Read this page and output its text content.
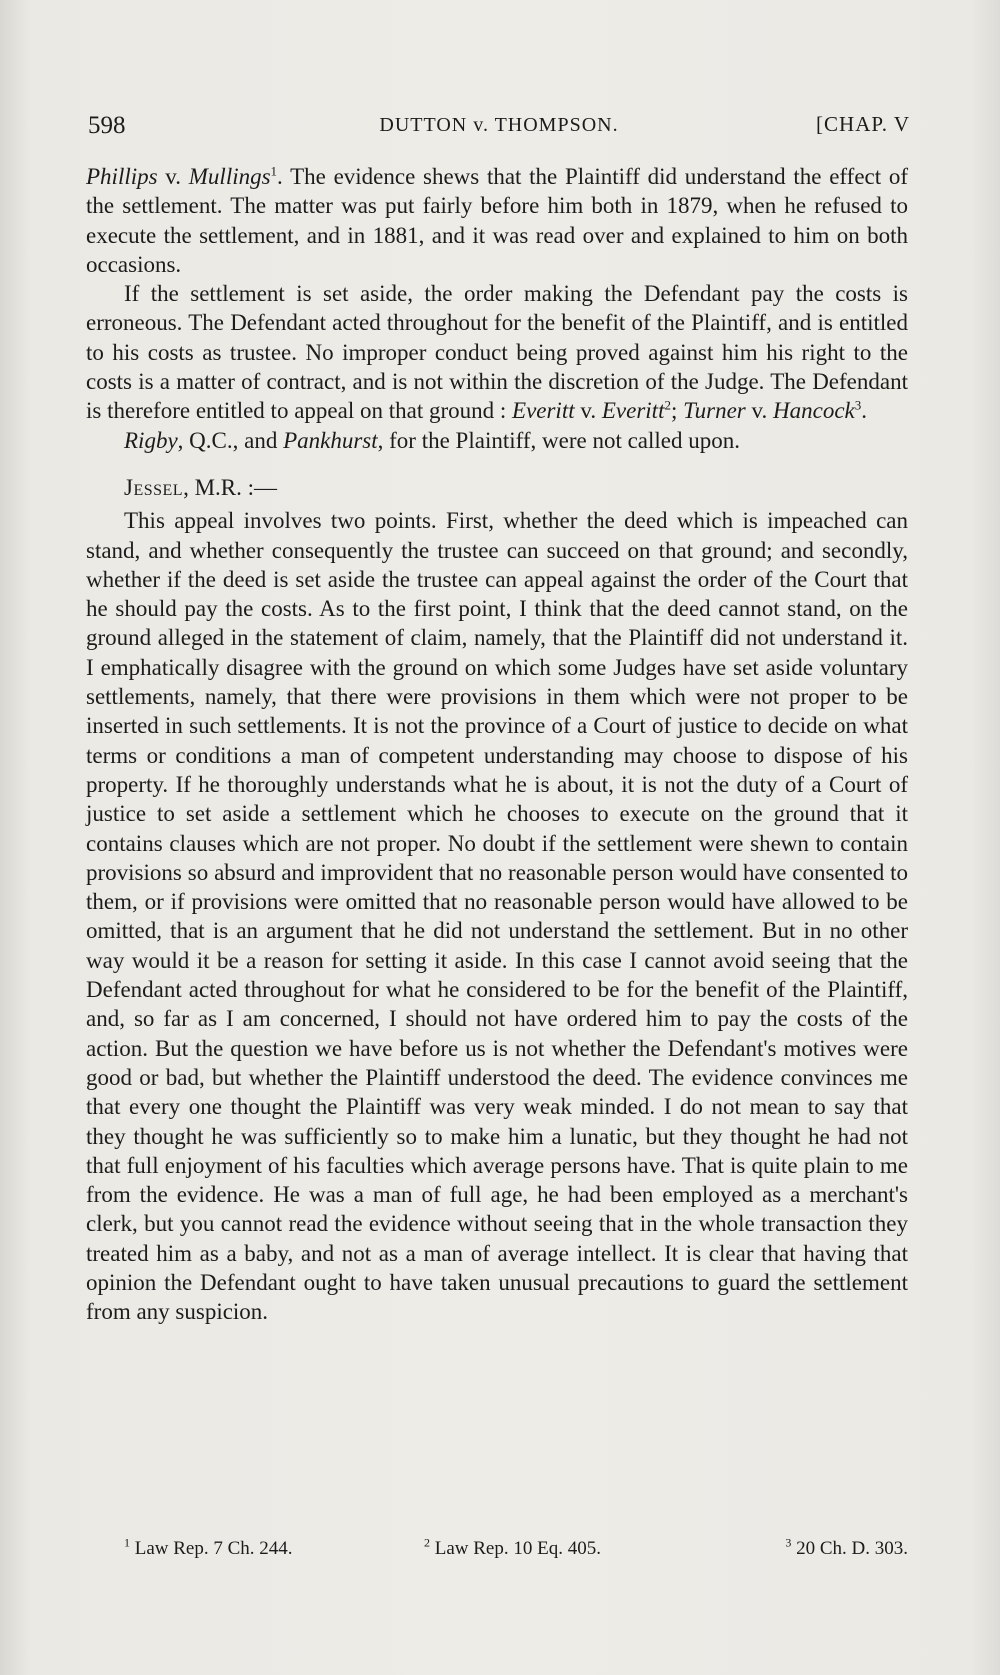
598	DUTTON v. THOMPSON.	[CHAP. V

Phillips v. Mullings$^1$. The evidence shews that the Plaintiff did understand the effect of the settlement. The matter was put fairly before him both in 1879, when he refused to execute the settlement, and in 1881, and it was read over and explained to him on both occasions.

If the settlement is set aside, the order making the Defendant pay the costs is erroneous. The Defendant acted throughout for the benefit of the Plaintiff, and is entitled to his costs as trustee. No improper conduct being proved against him his right to the costs is a matter of contract, and is not within the discretion of the Judge. The Defendant is therefore entitled to appeal on that ground : Everitt v. Everitt$^2$; Turner v. Hancock$^3$.

Rigby, Q.C., and Pankhurst, for the Plaintiff, were not called upon.

Jessel, M.R. :—

This appeal involves two points. First, whether the deed which is impeached can stand, and whether consequently the trustee can succeed on that ground; and secondly, whether if the deed is set aside the trustee can appeal against the order of the Court that he should pay the costs. As to the first point, I think that the deed cannot stand, on the ground alleged in the statement of claim, namely, that the Plaintiff did not understand it. I emphatically disagree with the ground on which some Judges have set aside voluntary settlements, namely, that there were provisions in them which were not proper to be inserted in such settlements. It is not the province of a Court of justice to decide on what terms or conditions a man of competent understanding may choose to dispose of his property. If he thoroughly understands what he is about, it is not the duty of a Court of justice to set aside a settlement which he chooses to execute on the ground that it contains clauses which are not proper. No doubt if the settlement were shewn to contain provisions so absurd and improvident that no reasonable person would have consented to them, or if provisions were omitted that no reasonable person would have allowed to be omitted, that is an argument that he did not understand the settlement. But in no other way would it be a reason for setting it aside. In this case I cannot avoid seeing that the Defendant acted throughout for what he considered to be for the benefit of the Plaintiff, and, so far as I am concerned, I should not have ordered him to pay the costs of the action. But the question we have before us is not whether the Defendant's motives were good or bad, but whether the Plaintiff understood the deed. The evidence convinces me that every one thought the Plaintiff was very weak minded. I do not mean to say that they thought he was sufficiently so to make him a lunatic, but they thought he had not that full enjoyment of his faculties which average persons have. That is quite plain to me from the evidence. He was a man of full age, he had been employed as a merchant's clerk, but you cannot read the evidence without seeing that in the whole transaction they treated him as a baby, and not as a man of average intellect. It is clear that having that opinion the Defendant ought to have taken unusual precautions to guard the settlement from any suspicion.

$^1$ Law Rep. 7 Ch. 244.	$^2$ Law Rep. 10 Eq. 405.	$^3$ 20 Ch. D. 303.
